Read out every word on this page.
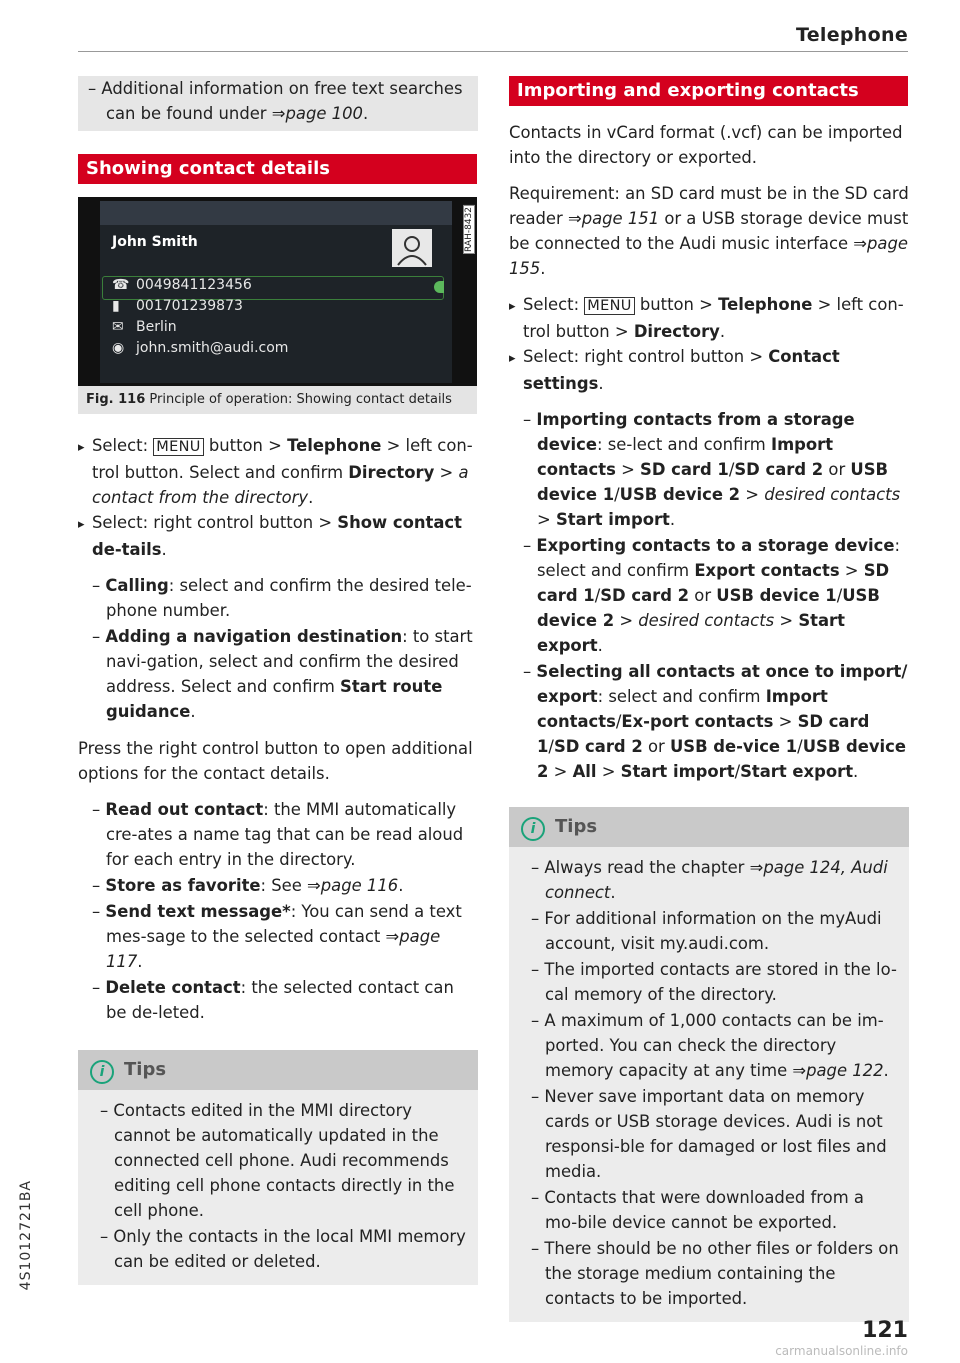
Telephone
– Additional information on free text searches
can be found under ⇒page 100.
Showing contact details
John Smith
☎ 0049841123456
▮ 001701239873
✉ Berlin
◉ john.smith@audi.com
RAH-8432
Fig. 116 Principle of operation: Showing contact details
▸ Select: MENU button > Telephone > left con-trol button. Select and confirm Directory > a contact from the directory.
▸ Select: right control button > Show contact de-tails.
– Calling: select and confirm the desired tele-phone number.
– Adding a navigation destination: to start navi-gation, select and confirm the desired address. Select and confirm Start route guidance.
Press the right control button to open additional options for the contact details.
– Read out contact: the MMI automatically cre-ates a name tag that can be read aloud for each entry in the directory.
– Store as favorite: See ⇒page 116.
– Send text message*: You can send a text mes-sage to the selected contact ⇒page 117.
– Delete contact: the selected contact can be de-leted.
i Tips
– Contacts edited in the MMI directory cannot be automatically updated in the connected cell phone. Audi recommends editing cell phone contacts directly in the cell phone.
– Only the contacts in the local MMI memory can be edited or deleted.
Importing and exporting contacts
Contacts in vCard format (.vcf) can be imported into the directory or exported.
Requirement: an SD card must be in the SD card reader ⇒page 151 or a USB storage device must be connected to the Audi music interface ⇒page 155.
▸ Select: MENU button > Telephone > left con-trol button > Directory.
▸ Select: right control button > Contact settings.
– Importing contacts from a storage device: se-lect and confirm Import contacts > SD card 1/SD card 2 or USB device 1/USB device 2 > desired contacts > Start import.
– Exporting contacts to a storage device: select and confirm Export contacts > SD card 1/SD card 2 or USB device 1/USB device 2 > desired contacts > Start export.
– Selecting all contacts at once to import/ export: select and confirm Import contacts/Ex-port contacts > SD card 1/SD card 2 or USB de-vice 1/USB device 2 > All > Start import/Start export.
i Tips
– Always read the chapter ⇒page 124, Audi connect.
– For additional information on the myAudi account, visit my.audi.com.
– The imported contacts are stored in the lo-cal memory of the directory.
– A maximum of 1,000 contacts can be im-ported. You can check the directory memory capacity at any time ⇒page 122.
– Never save important data on memory cards or USB storage devices. Audi is not responsi-ble for damaged or lost files and media.
– Contacts that were downloaded from a mo-bile device cannot be exported.
– There should be no other files or folders on the storage medium containing the contacts to be imported.
4S1012721BA
121
carmanualsonline.info
